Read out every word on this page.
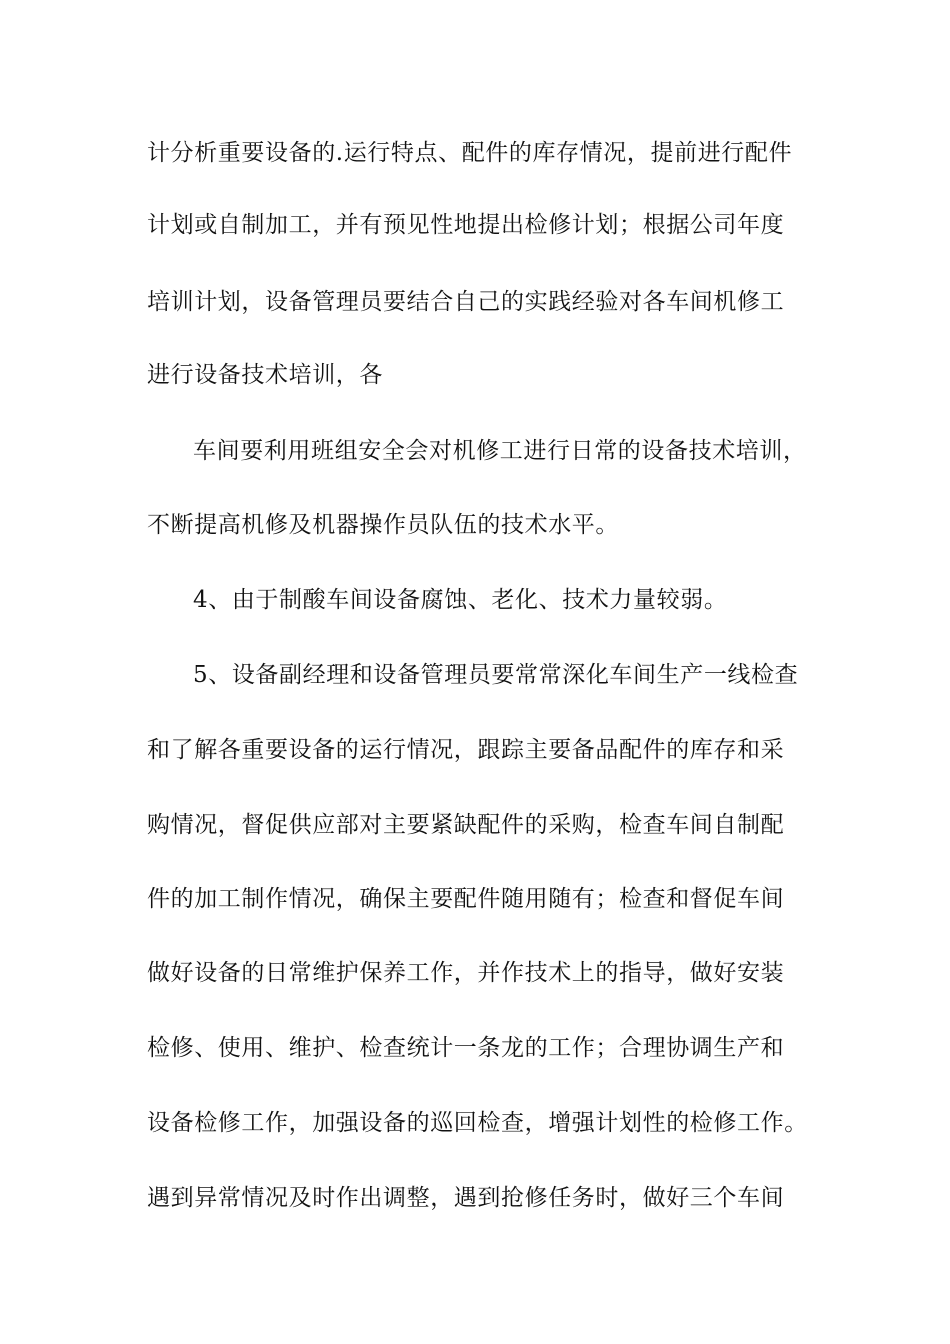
计分析重要设备的.运行特点、配件的库存情况，提前进行配件
计划或自制加工，并有预见性地提出检修计划；根据公司年度
培训计划，设备管理员要结合自己的实践经验对各车间机修工
进行设备技术培训，各
车间要利用班组安全会对机修工进行日常的设备技术培训，
不断提高机修及机器操作员队伍的技术水平。
4、由于制酸车间设备腐蚀、老化、技术力量较弱。
5、设备副经理和设备管理员要常常深化车间生产一线检查
和了解各重要设备的运行情况，跟踪主要备品配件的库存和采
购情况，督促供应部对主要紧缺配件的采购，检查车间自制配
件的加工制作情况，确保主要配件随用随有；检查和督促车间
做好设备的日常维护保养工作，并作技术上的指导，做好安装
检修、使用、维护、检查统计一条龙的工作；合理协调生产和
设备检修工作，加强设备的巡回检查，增强计划性的检修工作。
遇到异常情况及时作出调整，遇到抢修任务时，做好三个车间
